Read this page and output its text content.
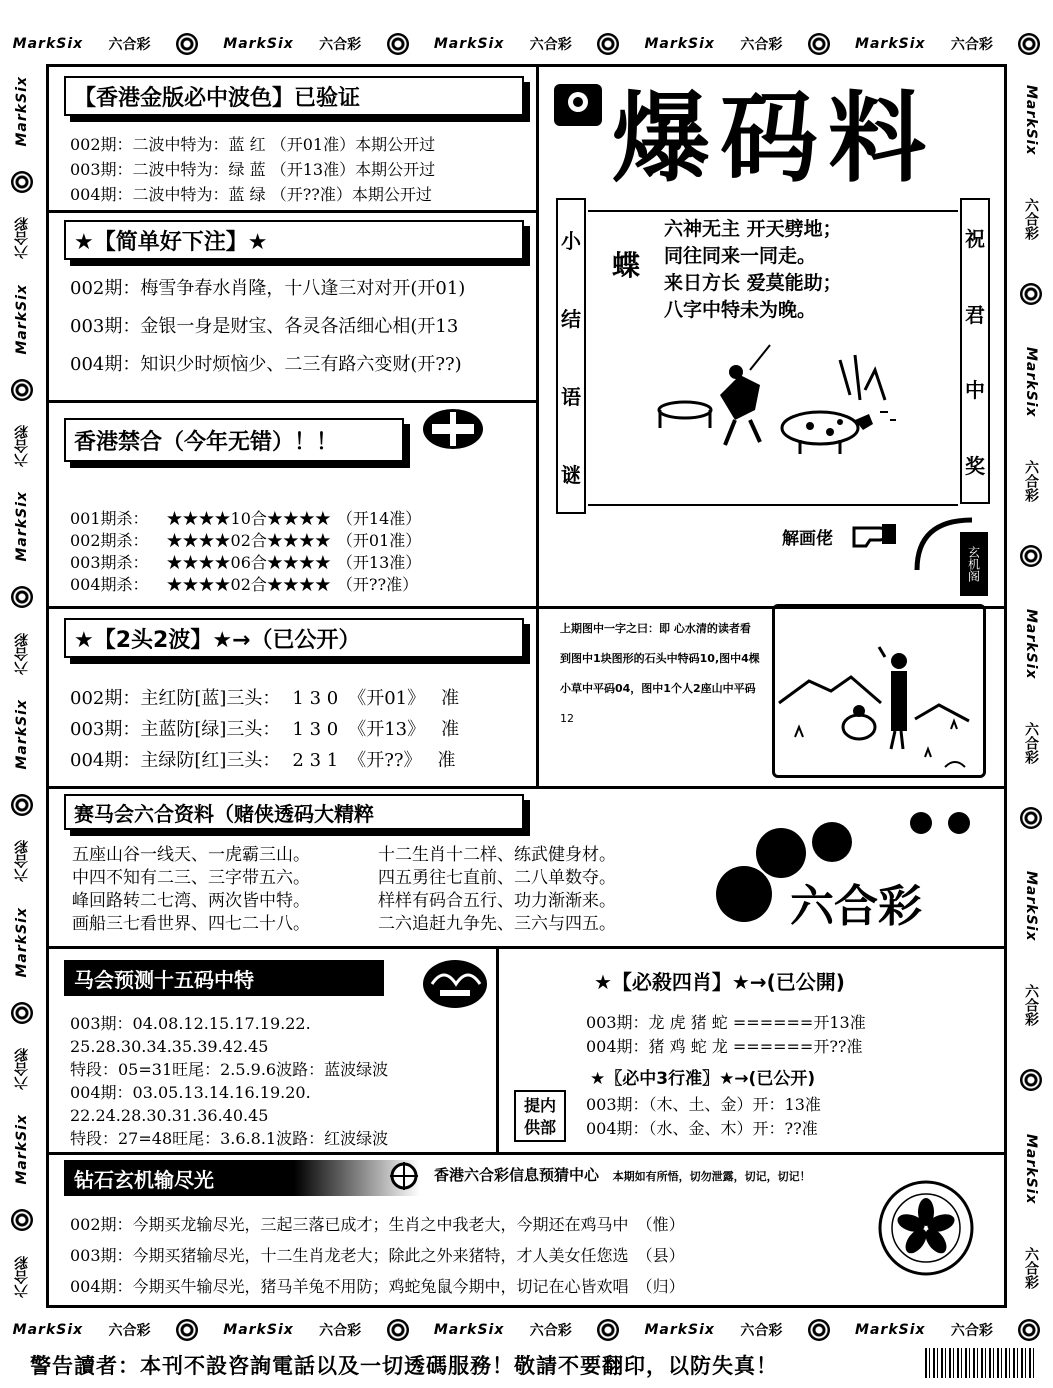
MarkSix 六合彩	MarkSix 六合彩	MarkSix 六合彩	MarkSix 六合彩	MarkSix 六合彩
MarkSix 六合彩	MarkSix 六合彩	MarkSix 六合彩	MarkSix 六合彩	MarkSix 六合彩
MarkSix
六合彩
MarkSix
六合彩
MarkSix
六合彩
MarkSix
六合彩
MarkSix
六合彩
MarkSix
六合彩
MarkSix
六合彩
MarkSix
六合彩
MarkSix
六合彩
MarkSix
六合彩
MarkSix
六合彩
【香港金版必中波色】已验证
002期：二波中特为：蓝 红 （开01准）本期公开过
003期：二波中特为：绿 蓝 （开13准）本期公开过
004期：二波中特为：蓝 绿 （开??准）本期公开过
★【简单好下注】★
002期：梅雪争春水肖隆，十八逢三对对开(开01)
003期：金银一身是财宝、各灵各活细心相(开13
004期：知识少时烦恼少、二三有路六变财(开??)
香港禁合（今年无错）！！
001期杀： ★★★★10合★★★★ （开14准）
002期杀： ★★★★02合★★★★ （开01准）
003期杀： ★★★★06合★★★★ （开13准）
004期杀： ★★★★02合★★★★ （开??准）
★【2头2波】★→（已公开）
002期：主红防[蓝]三头： 1 3 0 《开01》 准
003期：主蓝防[绿]三头： 1 3 0 《开13》 准
004期：主绿防[红]三头： 2 3 1 《开??》 准
爆码料
小
结
语
谜
祝
君
中
奖
蝶
六神无主 开天劈地；
同往同来一同走。
来日方长 爱莫能助；
八字中特未为晚。
解画佬
玄机阁
上期图中一字之曰：即 心水清的读者看
到图中1块图形的石头中特码10,图中4棵
小草中平码04，图中1个人2座山中平码
12
赛马会六合资料（赌侠透码大精粹
五座山谷一线天、一虎霸三山。
中四不知有二三、三字带五六。
峰回路转二七湾、两次皆中特。
画船三七看世界、四七二十八。
十二生肖十二样、练武健身材。
四五勇往七直前、二八单数夺。
样样有码合五行、功力渐渐来。
二六追赶九争先、三六与四五。	六合彩
马会预测十五码中特
003期：04.08.12.15.17.19.22.
25.28.30.34.35.39.42.45
特段：05=31旺尾：2.5.9.6波路：蓝波绿波
004期：03.05.13.14.16.19.20.
22.24.28.30.31.36.40.45
特段：27=48旺尾：3.6.8.1波路：红波绿波
★【必殺四肖】★→(已公開)
003期：龙 虎 猪 蛇 ======开13准
004期：猪 鸡 蛇 龙 ======开??准
★〖必中3行准〗★→(已公开)
003期：（木、土、金）开：13准
004期：（水、金、木）开：??准
提内
供部
钻石玄机输尽光	香港六合彩信息预猜中心 本期如有所悟，切勿泄露，切记，切记！
002期：今期买龙输尽光，三起三落已成才；生肖之中我老大，今期还在鸡马中 （惟）
003期：今期买猪输尽光，十二生肖龙老大；除此之外来猪特，才人美女任您选 （县）
004期：今期买牛输尽光，猪马羊兔不用防；鸡蛇兔鼠今期中，切记在心皆欢唱 （归）
警告讀者：本刊不設咨詢電話以及一切透碼服務！敬請不要翻印，以防失真！
